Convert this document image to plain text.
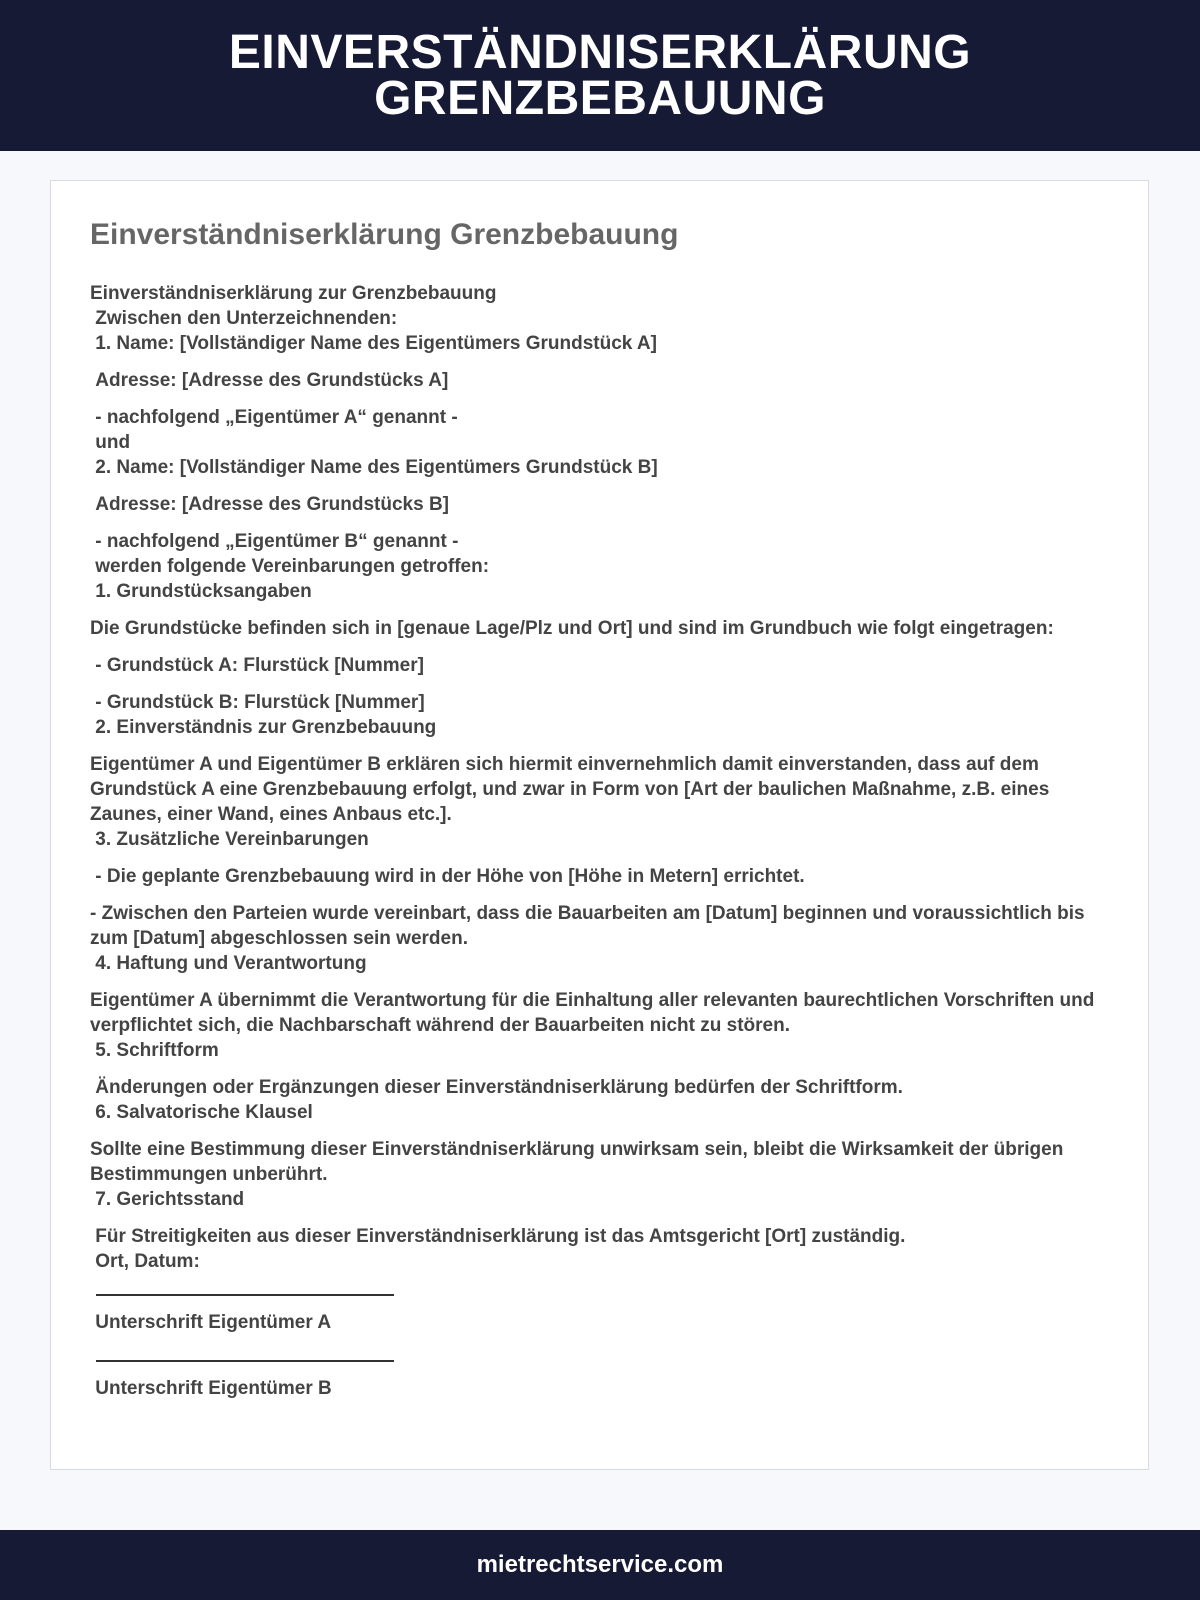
EINVERSTÄNDNISERKLÄRUNG GRENZBEBAUUNG
Einverständniserklärung Grenzbebauung
Einverständniserklärung zur Grenzbebauung
Zwischen den Unterzeichnenden:
1. Name: [Vollständiger Name des Eigentümers Grundstück A]
Adresse: [Adresse des Grundstücks A]
- nachfolgend „Eigentümer A“ genannt -
und
2. Name: [Vollständiger Name des Eigentümers Grundstück B]
Adresse: [Adresse des Grundstücks B]
- nachfolgend „Eigentümer B“ genannt -
werden folgende Vereinbarungen getroffen:
1. Grundstücksangaben
Die Grundstücke befinden sich in [genaue Lage/Plz und Ort] und sind im Grundbuch wie folgt eingetragen:
- Grundstück A: Flurstück [Nummer]
- Grundstück B: Flurstück [Nummer]
2. Einverständnis zur Grenzbebauung
Eigentümer A und Eigentümer B erklären sich hiermit einvernehmlich damit einverstanden, dass auf dem Grundstück A eine Grenzbebauung erfolgt, und zwar in Form von [Art der baulichen Maßnahme, z.B. eines Zaunes, einer Wand, eines Anbaus etc.].
3. Zusätzliche Vereinbarungen
- Die geplante Grenzbebauung wird in der Höhe von [Höhe in Metern] errichtet.
- Zwischen den Parteien wurde vereinbart, dass die Bauarbeiten am [Datum] beginnen und voraussichtlich bis zum [Datum] abgeschlossen sein werden.
4. Haftung und Verantwortung
Eigentümer A übernimmt die Verantwortung für die Einhaltung aller relevanten baurechtlichen Vorschriften und verpflichtet sich, die Nachbarschaft während der Bauarbeiten nicht zu stören.
5. Schriftform
Änderungen oder Ergänzungen dieser Einverständniserklärung bedürfen der Schriftform.
6. Salvatorische Klausel
Sollte eine Bestimmung dieser Einverständniserklärung unwirksam sein, bleibt die Wirksamkeit der übrigen Bestimmungen unberührt.
7. Gerichtsstand
Für Streitigkeiten aus dieser Einverständniserklärung ist das Amtsgericht [Ort] zuständig.
Ort, Datum:
Unterschrift Eigentümer A
Unterschrift Eigentümer B
mietrechtservice.com
